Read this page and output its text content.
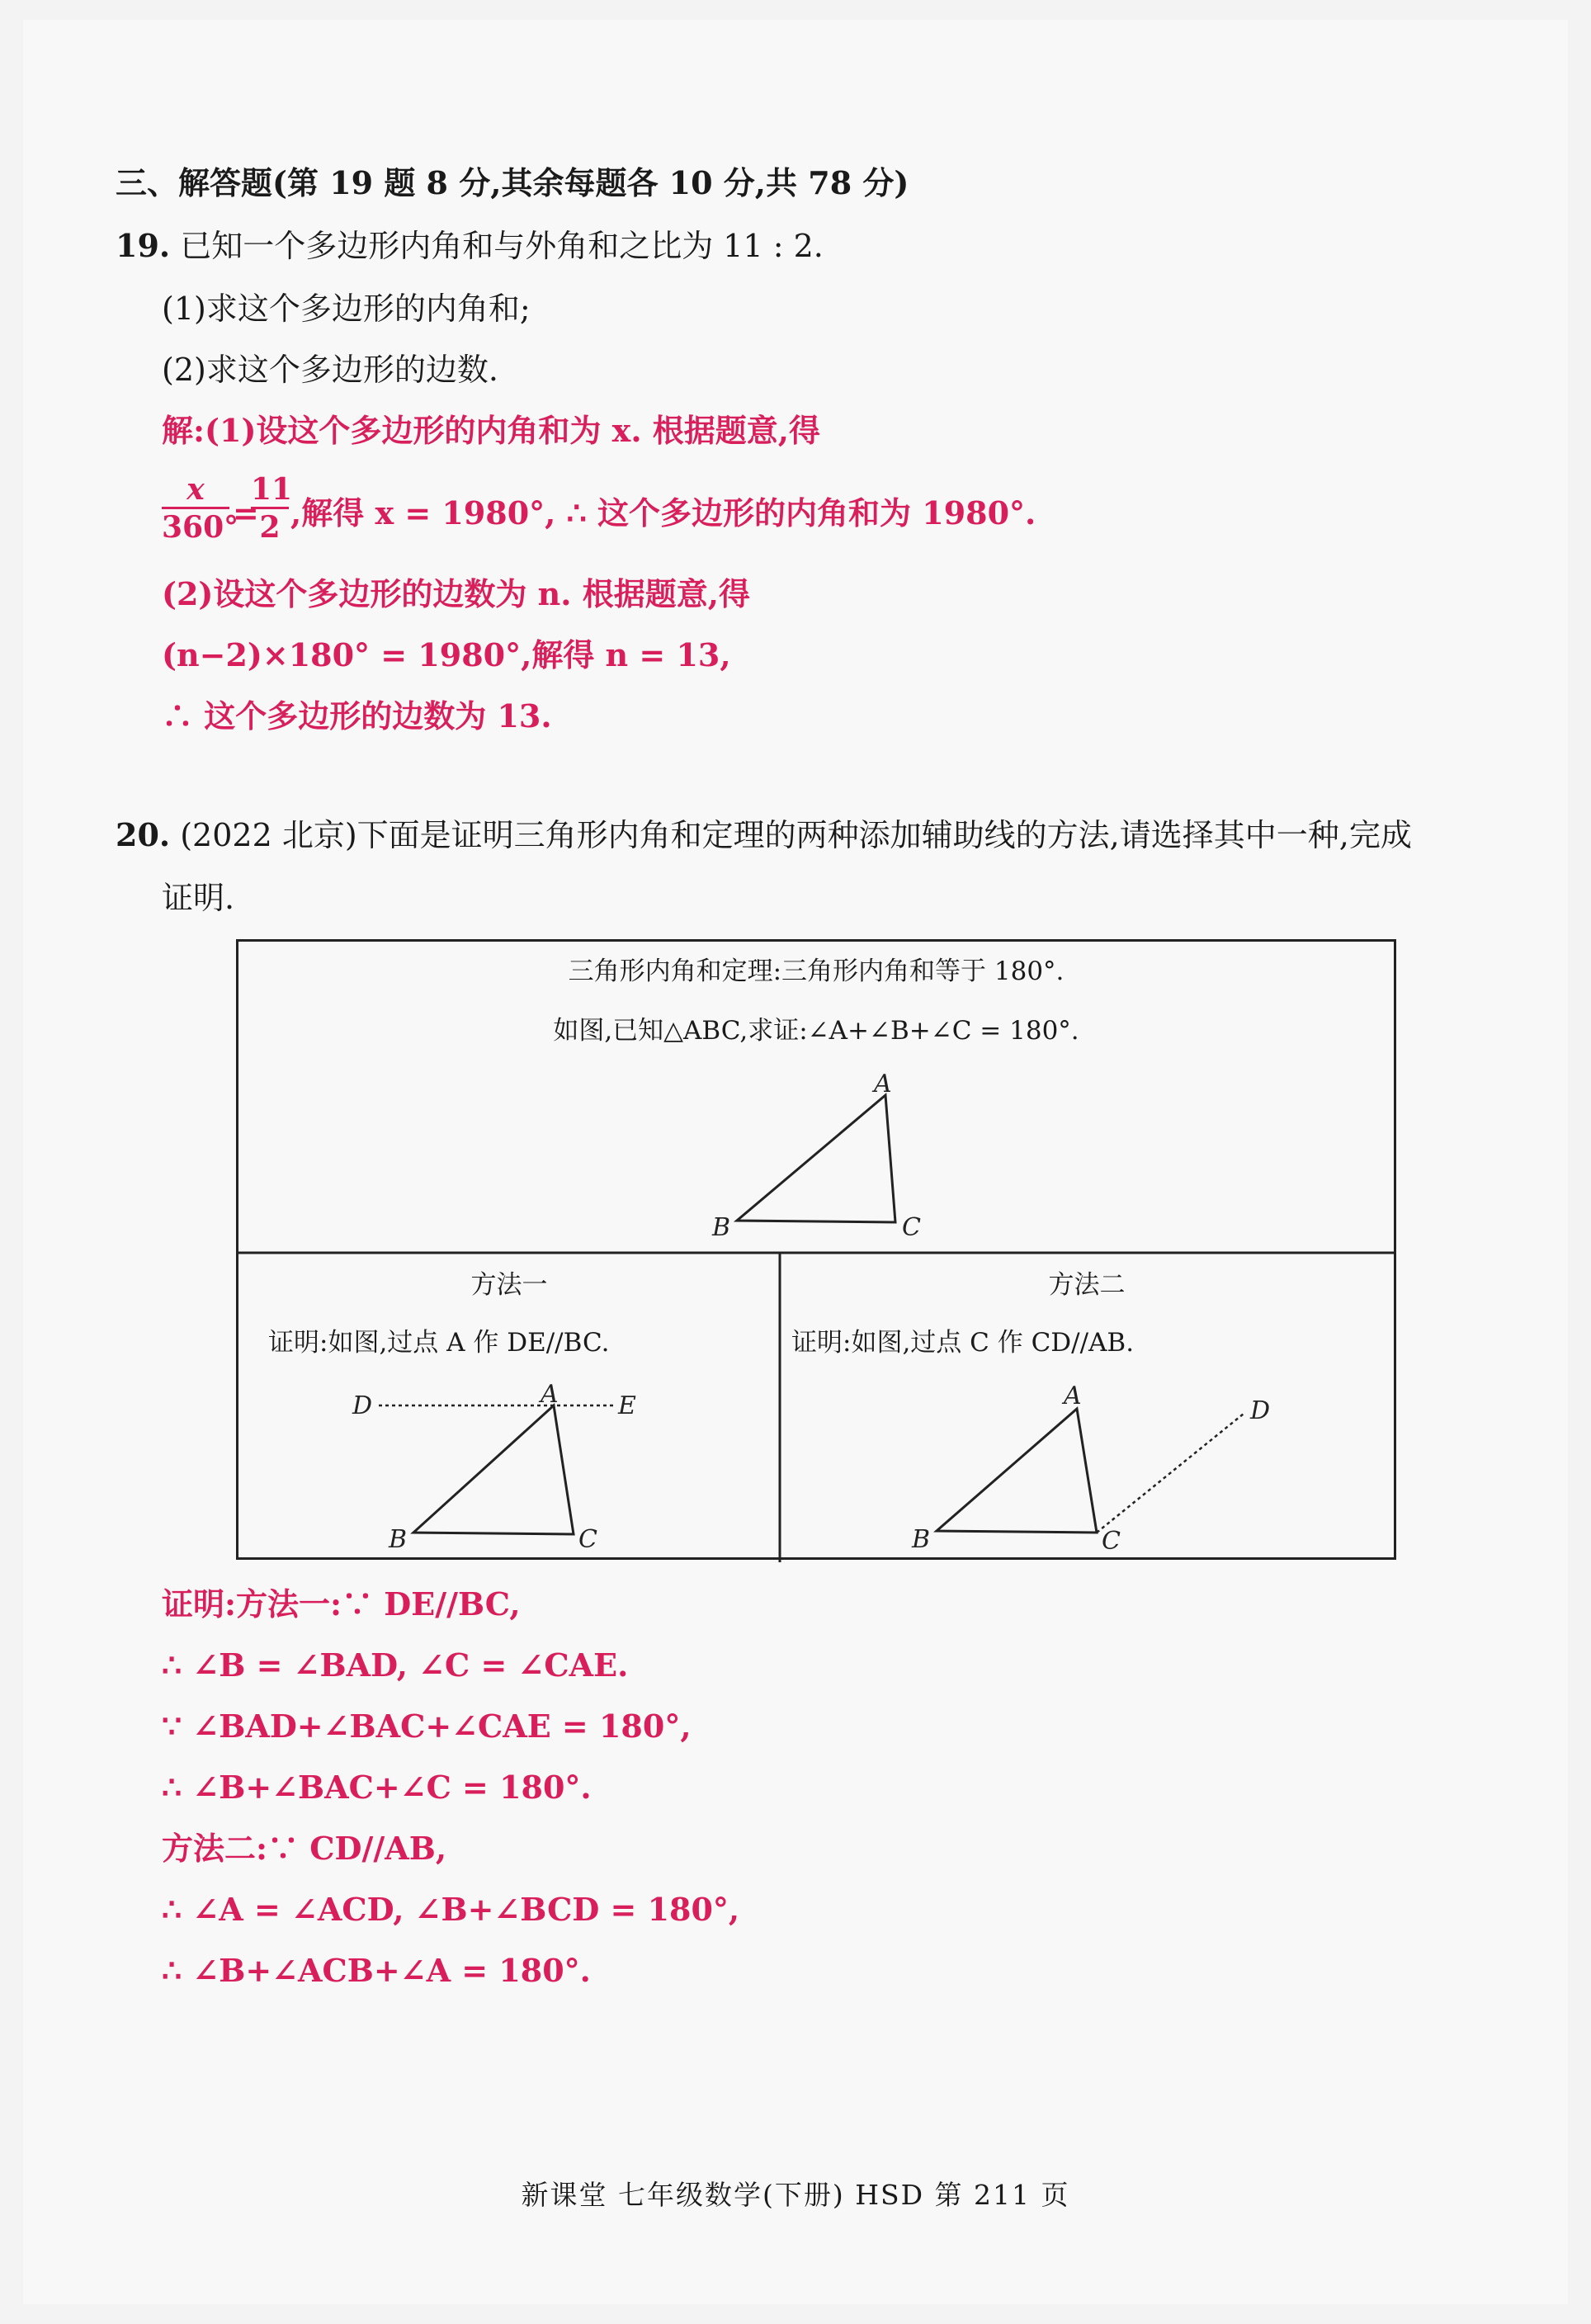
三、解答题(第 19 题 8 分,其余每题各 10 分,共 78 分)
19. 已知一个多边形内角和与外角和之比为 11 : 2.
(1)求这个多边形的内角和;
(2)求这个多边形的边数.
解:(1)设这个多边形的内角和为 x. 根据题意,得
x
360°
=
11
2 ,解得 x = 1980°, ∴ 这个多边形的内角和为 1980°.
(2)设这个多边形的边数为 n. 根据题意,得
(n−2)×180° = 1980°,解得 n = 13,
∴ 这个多边形的边数为 13.
20. (2022 北京)下面是证明三角形内角和定理的两种添加辅助线的方法,请选择其中一种,完成
证明.
三角形内角和定理:三角形内角和等于 180°.
如图,已知△ABC,求证:∠A+∠B+∠C = 180°.
A
B	C
A
B	C
D	E	A
B	C
D
方法一
证明:如图,过点 A 作 DE//BC.
方法二
证明:如图,过点 C 作 CD//AB.
证明:方法一:∵ DE//BC,
∴ ∠B = ∠BAD, ∠C = ∠CAE.
∵ ∠BAD+∠BAC+∠CAE = 180°,
∴ ∠B+∠BAC+∠C = 180°.
方法二:∵ CD//AB,
∴ ∠A = ∠ACD, ∠B+∠BCD = 180°,
∴ ∠B+∠ACB+∠A = 180°.
新课堂 七年级数学(下册) HSD 第 211 页
